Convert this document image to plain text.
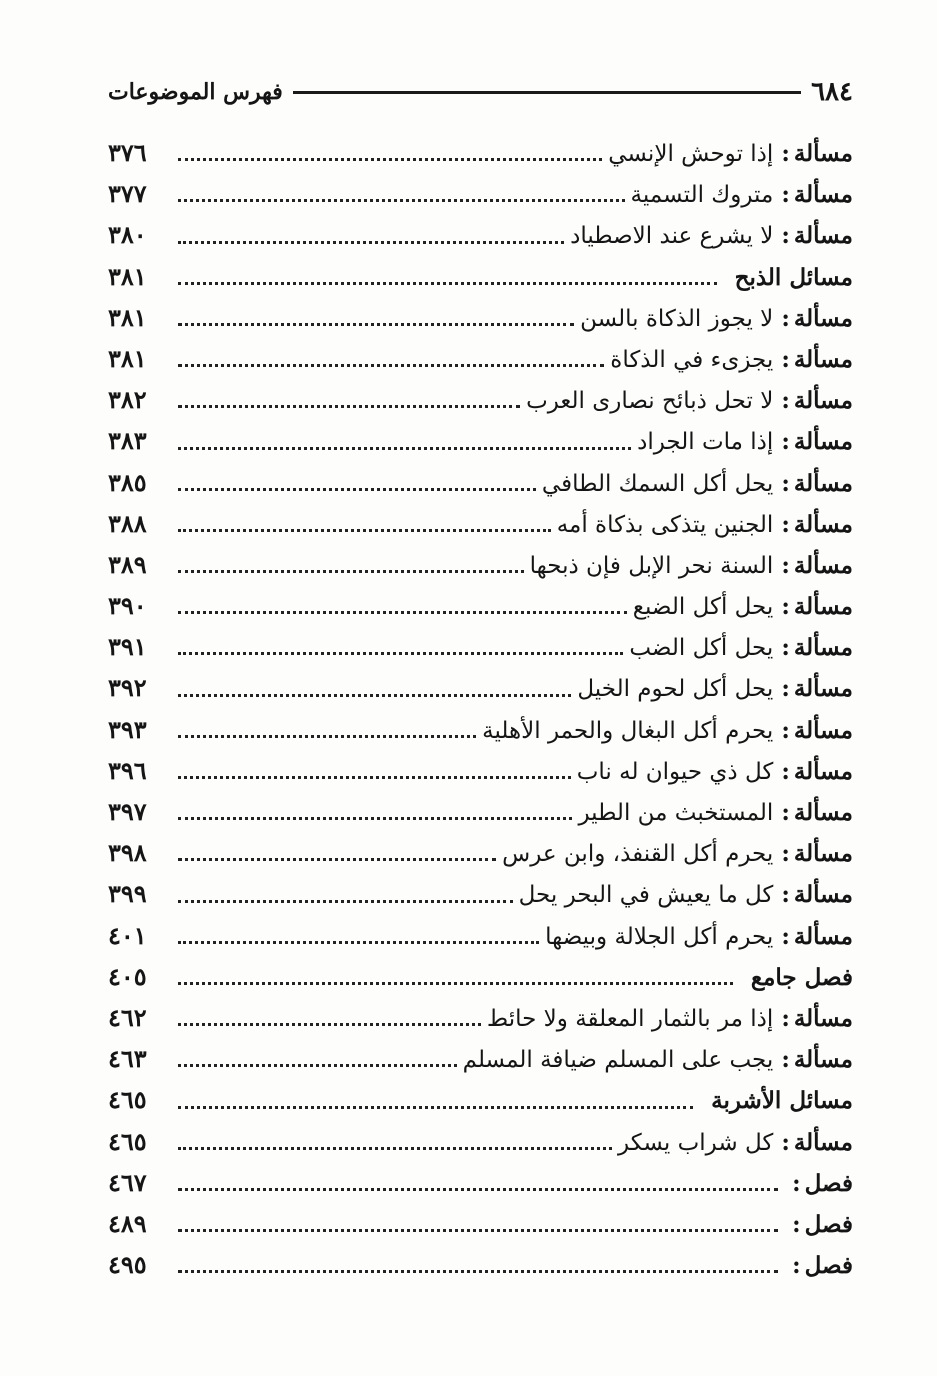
٦٨٤
فهرس الموضوعات
مسألة
:
إذا توحش الإنسي
٣٧٦
مسألة
:
متروك التسمية
٣٧٧
مسألة
:
لا يشرع عند الاصطياد
٣٨٠
مسائل الذبح
٣٨١
مسألة
:
لا يجوز الذكاة بالسن
٣٨١
مسألة
:
يجزىء في الذكاة
٣٨١
مسألة
:
لا تحل ذبائح نصارى العرب
٣٨٢
مسألة
:
إذا مات الجراد
٣٨٣
مسألة
:
يحل أكل السمك الطافي
٣٨٥
مسألة
:
الجنين يتذكى بذكاة أمه
٣٨٨
مسألة
:
السنة نحر الإبل فإن ذبحها
٣٨٩
مسألة
:
يحل أكل الضبع
٣٩٠
مسألة
:
يحل أكل الضب
٣٩١
مسألة
:
يحل أكل لحوم الخيل
٣٩٢
مسألة
:
يحرم أكل البغال والحمر الأهلية
٣٩٣
مسألة
:
كل ذي حيوان له ناب
٣٩٦
مسألة
:
المستخبث من الطير
٣٩٧
مسألة
:
يحرم أكل القنفذ، وابن عرس
٣٩٨
مسألة
:
كل ما يعيش في البحر يحل
٣٩٩
مسألة
:
يحرم أكل الجلالة وبيضها
٤٠١
فصل جامع
٤٠٥
مسألة
:
إذا مر بالثمار المعلقة ولا حائط
٤٦٢
مسألة
:
يجب على المسلم ضيافة المسلم
٤٦٣
مسائل الأشربة
٤٦٥
مسألة
:
كل شراب يسكر
٤٦٥
فصل
:
٤٦٧
فصل
:
٤٨٩
فصل
:
٤٩٥
